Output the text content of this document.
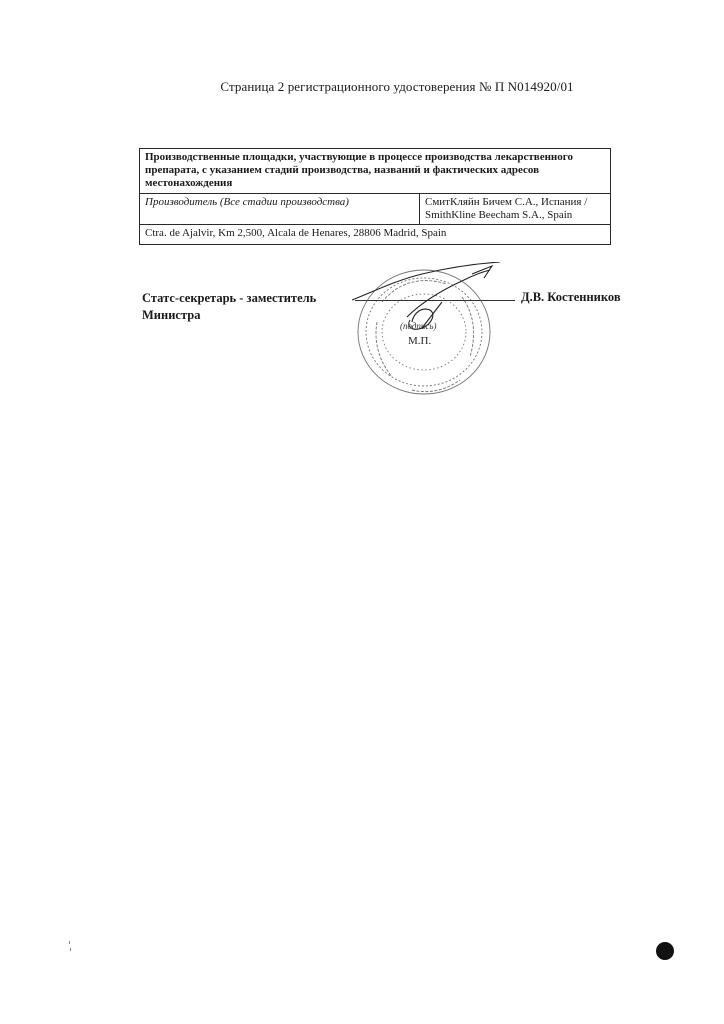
Страница 2 регистрационного удостоверения № П N014920/01
Производственные площадки, участвующие в процессе производства лекарственного препарата, с указанием стадий производства, названий и фактических адресов местонахождения
Производитель (Все стадии производства)	СмитКляйн Бичем С.А., Испания /
SmithKline Beecham S.A., Spain

Ctra. de Ajalvir, Km 2,500, Alcala de Henares, 28806 Madrid, Spain
Статс-секретарь - заместитель
Министра
(подпись)
М.П.
Д.В. Костенников
